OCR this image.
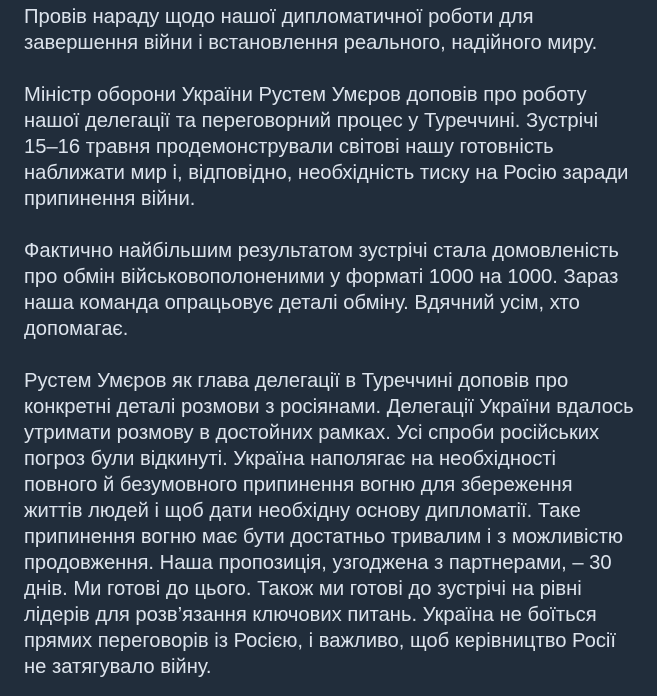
Провів нараду щодо нашої дипломатичної роботи для
завершення війни і встановлення реального, надійного миру.
Міністр оборони України Рустем Умєров доповів про роботу
нашої делегації та переговорний процес у Туреччині. Зустрічі
15–16 травня продемонстрували світові нашу готовність
наближати мир і, відповідно, необхідність тиску на Росію заради
припинення війни.
Фактично найбільшим результатом зустрічі стала домовленість
про обмін військовополоненими у форматі 1000 на 1000. Зараз
наша команда опрацьовує деталі обміну. Вдячний усім, хто
допомагає.
Рустем Умєров як глава делегації в Туреччині доповів про
конкретні деталі розмови з росіянами. Делегації України вдалось
утримати розмову в достойних рамках. Усі спроби російських
погроз були відкинуті. Україна наполягає на необхідності
повного й безумовного припинення вогню для збереження
життів людей і щоб дати необхідну основу дипломатії. Таке
припинення вогню має бути достатньо тривалим і з можливістю
продовження. Наша пропозиція, узгоджена з партнерами, – 30
днів. Ми готові до цього. Також ми готові до зустрічі на рівні
лідерів для розв’язання ключових питань. Україна не боїться
прямих переговорів із Росією, і важливо, щоб керівництво Росії
не затягувало війну.
